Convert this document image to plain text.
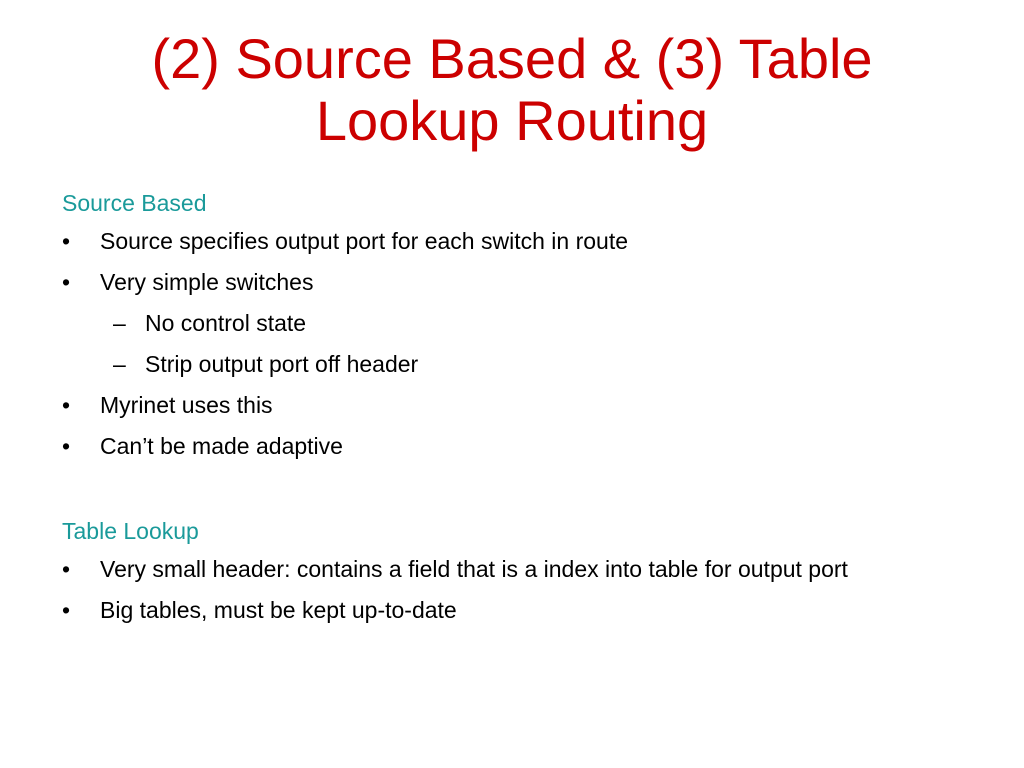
(2) Source Based & (3) Table
Lookup Routing
Source Based
•	Source specifies output port for each switch in route
•	Very simple switches
– No control state
– Strip output port off header
•	Myrinet uses this
•	Can’t be made adaptive
Table Lookup
•	Very small header: contains a field that is a index into table for output port
•	Big tables, must be kept up-to-date
